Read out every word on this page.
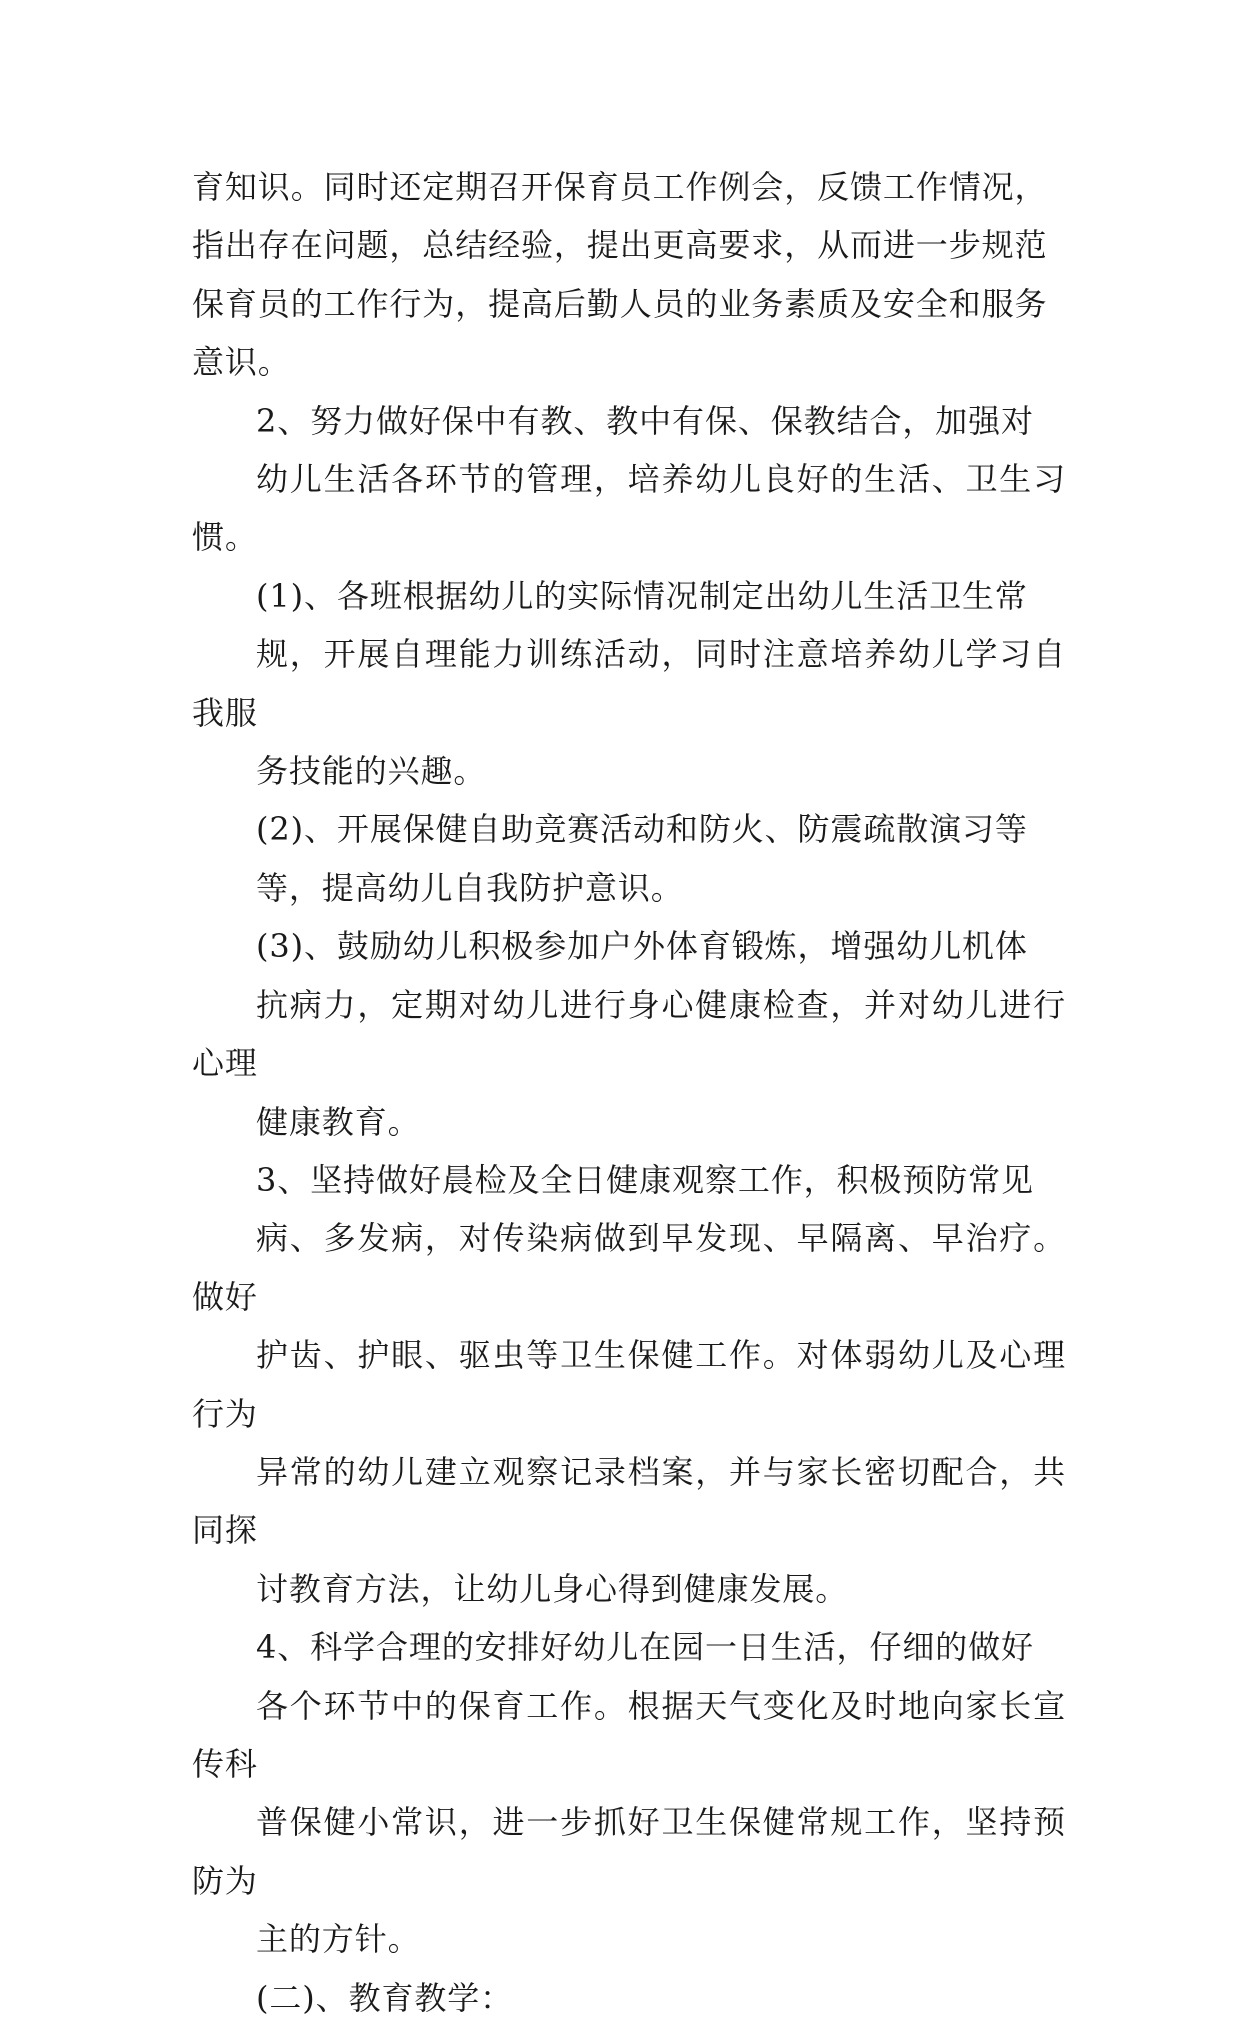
育知识。同时还定期召开保育员工作例会，反馈工作情况，
指出存在问题，总结经验，提出更高要求，从而进一步规范
保育员的工作行为，提高后勤人员的业务素质及安全和服务
意识。

2、努力做好保中有教、教中有保、保教结合，加强对
幼儿生活各环节的管理，培养幼儿良好的生活、卫生习惯。

(1)、各班根据幼儿的实际情况制定出幼儿生活卫生常
规，开展自理能力训练活动，同时注意培养幼儿学习自我服
务技能的兴趣。

(2)、开展保健自助竞赛活动和防火、防震疏散演习等
等，提高幼儿自我防护意识。

(3)、鼓励幼儿积极参加户外体育锻炼，增强幼儿机体
抗病力，定期对幼儿进行身心健康检查，并对幼儿进行心理
健康教育。

3、坚持做好晨检及全日健康观察工作，积极预防常见
病、多发病，对传染病做到早发现、早隔离、早治疗。做好
护齿、护眼、驱虫等卫生保健工作。对体弱幼儿及心理行为
异常的幼儿建立观察记录档案，并与家长密切配合，共同探
讨教育方法，让幼儿身心得到健康发展。

4、科学合理的安排好幼儿在园一日生活，仔细的做好
各个环节中的保育工作。根据天气变化及时地向家长宣传科
普保健小常识，进一步抓好卫生保健常规工作，坚持预防为
主的方针。

(二)、教育教学：
